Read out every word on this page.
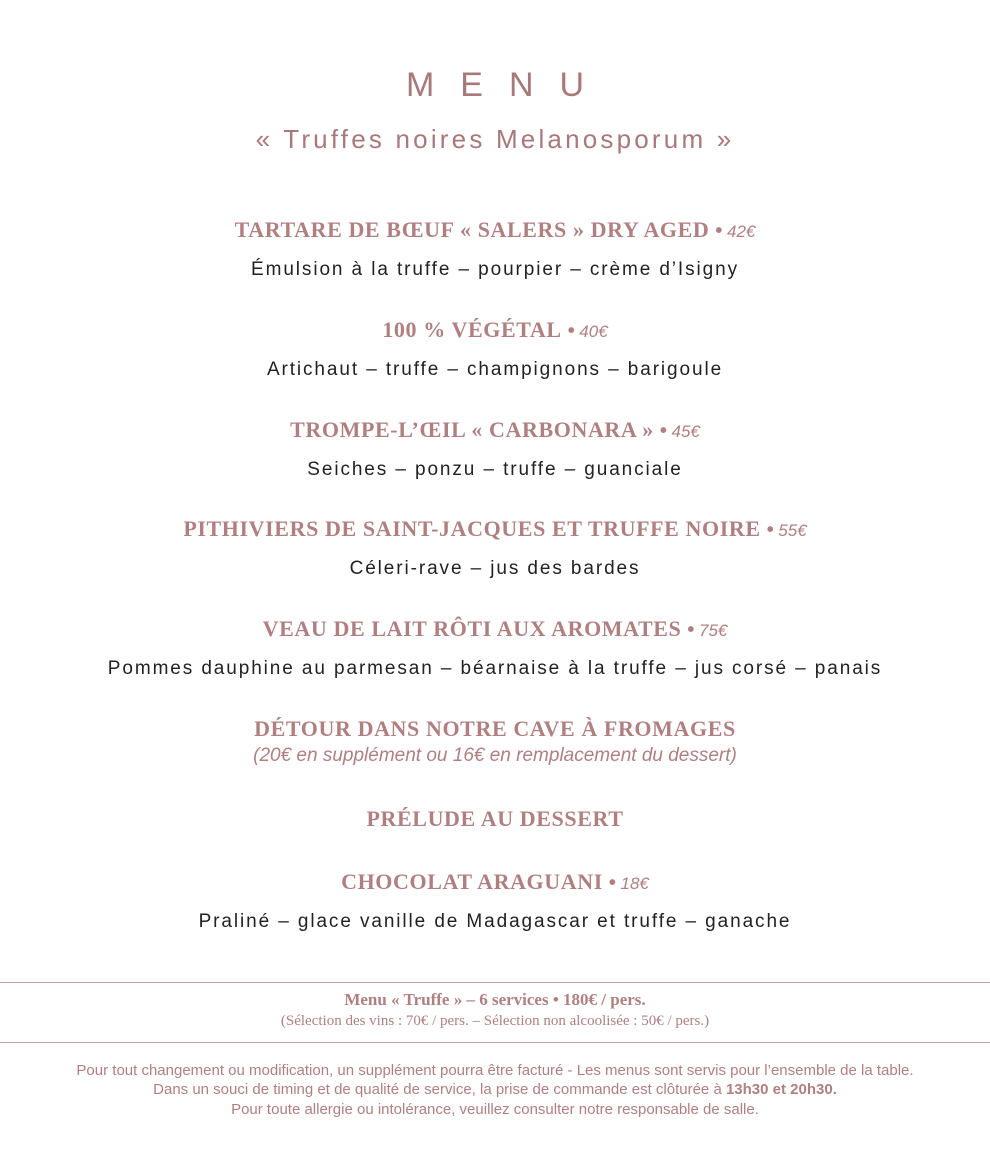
MENU
« Truffes noires Melanosporum »
TARTARE DE BŒUF « SALERS » DRY AGED • 42€
Émulsion à la truffe – pourpier – crème d’Isigny
100 % VÉGÉTAL • 40€
Artichaut – truffe – champignons – barigoule
TROMPE-L’ŒIL « CARBONARA » • 45€
Seiches – ponzu – truffe – guanciale
PITHIVIERS DE SAINT-JACQUES ET TRUFFE NOIRE • 55€
Céleri-rave – jus des bardes
VEAU DE LAIT RÔTI AUX AROMATES • 75€
Pommes dauphine au parmesan – béarnaise à la truffe – jus corsé – panais
DÉTOUR DANS NOTRE CAVE À FROMAGES
(20€ en supplément ou 16€ en remplacement du dessert)
PRÉLUDE AU DESSERT
CHOCOLAT ARAGUANI • 18€
Praliné – glace vanille de Madagascar et truffe – ganache
Menu « Truffe » – 6 services • 180€ / pers.
(Sélection des vins : 70€ / pers. – Sélection non alcoolisée : 50€ / pers.)
Pour tout changement ou modification, un supplément pourra être facturé - Les menus sont servis pour l’ensemble de la table.
Dans un souci de timing et de qualité de service, la prise de commande est clôturée à 13h30 et 20h30.
Pour toute allergie ou intolérance, veuillez consulter notre responsable de salle.
